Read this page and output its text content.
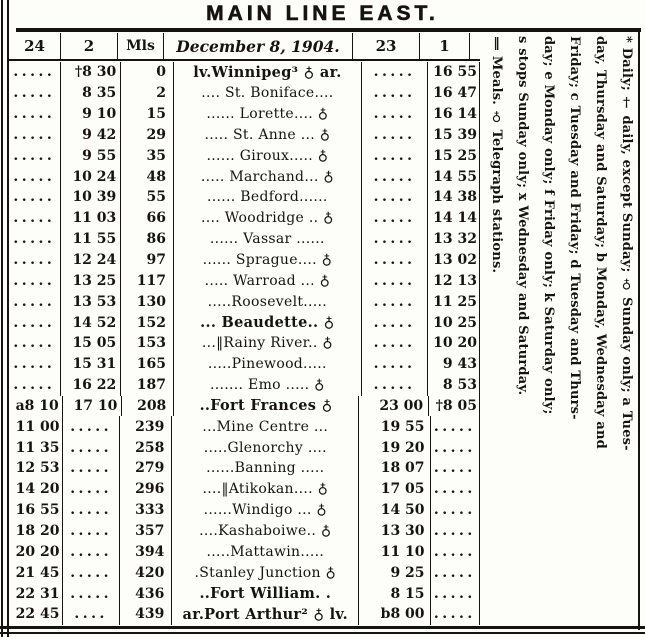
MAIN LINE EAST.
24	2	Mls	December 8, 1904.	23	1
.....	†8 30	0	lv.Winnipeg³ ♁ ar.	.....	16 55
.....	8 35	2	.... St. Boniface....	.....	16 47
.....	9 10	15	...... Lorette.... ♁	.....	16 14
.....	9 42	29	..... St. Anne ... ♁	.....	15 39
.....	9 55	35	...... Giroux..... ♁	.....	15 25
.....	10 24	48	..... Marchand... ♁	.....	14 55
.....	10 39	55	...... Bedford......	.....	14 38
.....	11 03	66	.... Woodridge .. ♁	.....	14 14
.....	11 55	86	...... Vassar ......	.....	13 32
.....	12 24	97	...... Sprague.... ♁	.....	13 02
.....	13 25	117	..... Warroad ... ♁	.....	12 13
.....	13 53	130	.....Roosevelt.....	.....	11 25
.....	14 52	152	... Beaudette.. ♁	.....	10 25
.....	15 05	153	...‖Rainy River.. ♁	.....	10 20
.....	15 31	165	.....Pinewood.....	.....	9 43
.....	16 22	187	....... Emo ..... ♁	.....	8 53
a8 10	17 10	208	..Fort Frances ♁	23 00 †8 05
11 00 .....	239	...Mine Centre ...	19 55 .....
11 35 .....	258	.....Glenorchy ....	19 20 .....
12 53 .....	279	......Banning .....	18 07 .....
14 20 .....	296	....‖Atikokan.... ♁	17 05 .....
16 55 .....	333	......Windigo ... ♁	14 50 .....
18 20 .....	357	....Kashaboiwe.. ♁	13 30 .....
20 20 .....	394	.....Mattawin.....	11 10 .....
21 45 .....	420	.Stanley Junction ♁	9 25 .....
22 31 .....	436	..Fort William. .	8 15 .....
22 45	....	439	ar.Port Arthur² ♁ lv.	b8 00 .....
* Daily; † daily, except Sunday; ♁ Sunday only; a Tues-
day, Thursday and Saturday; b Monday, Wednesday and
Friday; c Tuesday and Friday; d Tuesday and Thurs-
day; e Monday only; f Friday only; k Saturday only;
s stops Sunday only; x Wednesday and Saturday.
‖ Meals. ♁ Telegraph stations.
